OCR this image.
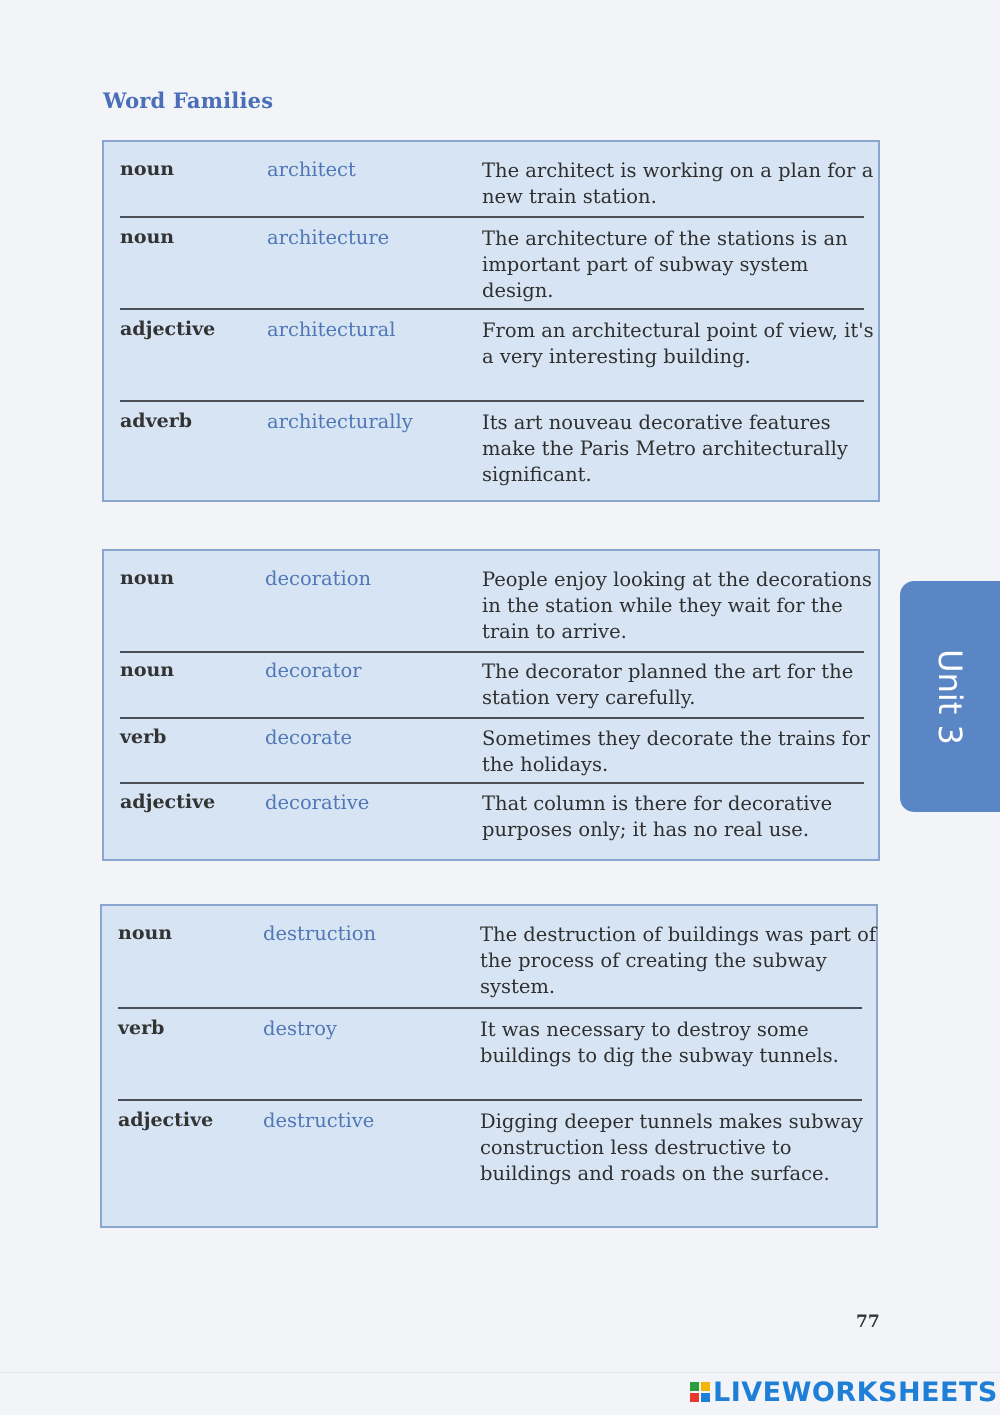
Word Families
noun	architect	The architect is working on a plan for a new train station.
noun	architecture	The architecture of the stations is an important part of subway system design.
adjective	architectural	From an architectural point of view, it's a very interesting building.
adverb	architecturally	Its art nouveau decorative features make the Paris Metro architecturally significant.
noun	decoration	People enjoy looking at the decorations in the station while they wait for the train to arrive.
noun	decorator	The decorator planned the art for the station very carefully.
verb	decorate	Sometimes they decorate the trains for the holidays.
adjective	decorative	That column is there for decorative purposes only; it has no real use.
noun	destruction	The destruction of buildings was part of the process of creating the subway system.
verb	destroy	It was necessary to destroy some buildings to dig the subway tunnels.
adjective	destructive	Digging deeper tunnels makes subway construction less destructive to buildings and roads on the surface.
Unit 3
77
LIVEWORKSHEETS
